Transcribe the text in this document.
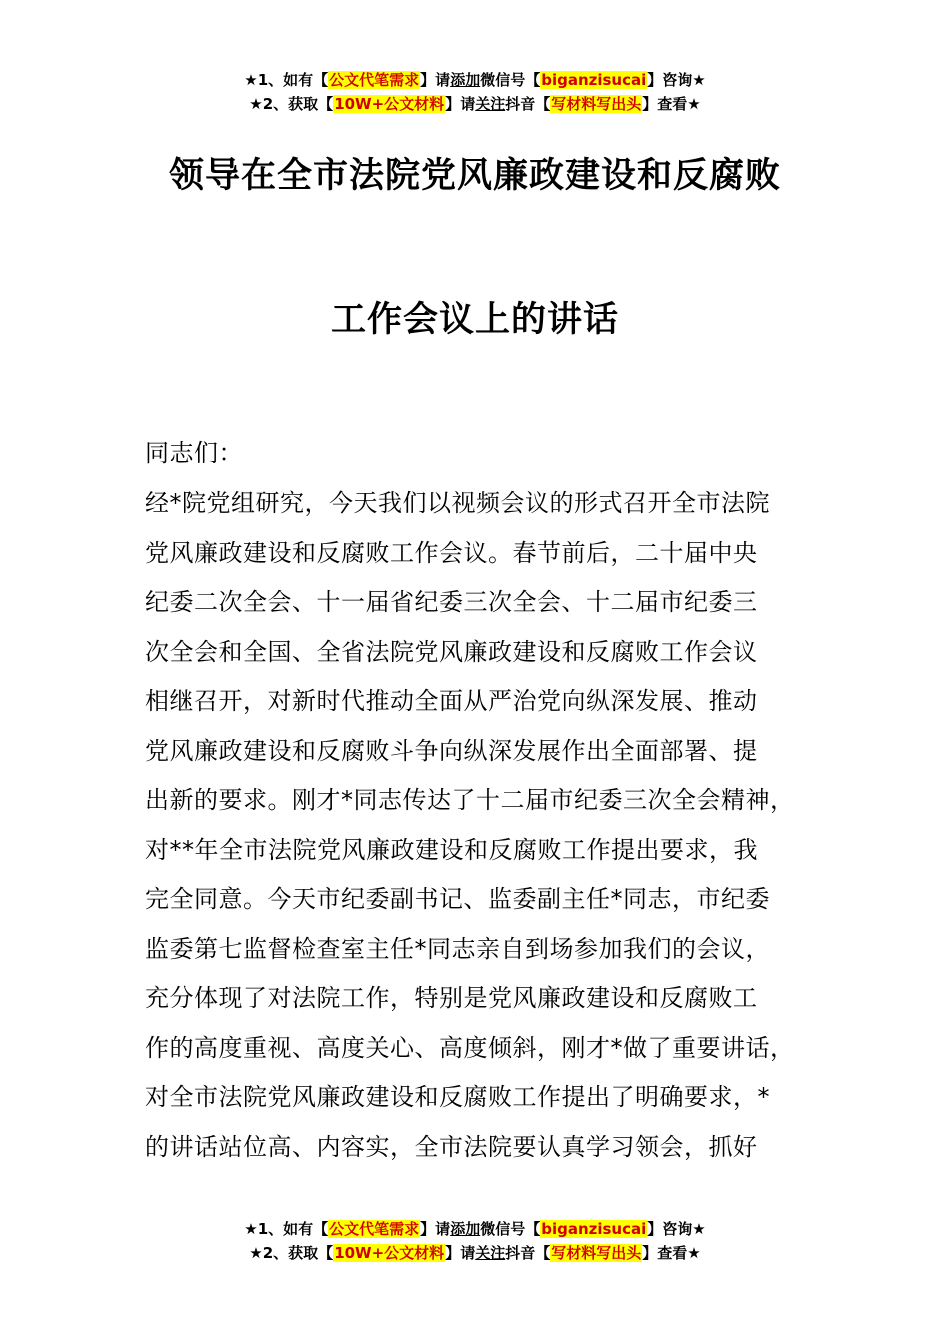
★1、如有【公文代笔需求】请添加微信号【biganzisucai】咨询★
★2、获取【10W+公文材料】请关注抖音【写材料写出头】查看★
领导在全市法院党风廉政建设和反腐败
工作会议上的讲话
同志们：
经*院党组研究，今天我们以视频会议的形式召开全市法院
党风廉政建设和反腐败工作会议。春节前后，二十届中央
纪委二次全会、十一届省纪委三次全会、十二届市纪委三
次全会和全国、全省法院党风廉政建设和反腐败工作会议
相继召开，对新时代推动全面从严治党向纵深发展、推动
党风廉政建设和反腐败斗争向纵深发展作出全面部署、提
出新的要求。刚才*同志传达了十二届市纪委三次全会精神，
对**年全市法院党风廉政建设和反腐败工作提出要求，我
完全同意。今天市纪委副书记、监委副主任*同志，市纪委
监委第七监督检查室主任*同志亲自到场参加我们的会议，
充分体现了对法院工作，特别是党风廉政建设和反腐败工
作的高度重视、高度关心、高度倾斜，刚才*做了重要讲话，
对全市法院党风廉政建设和反腐败工作提出了明确要求，*
的讲话站位高、内容实，全市法院要认真学习领会，抓好
★1、如有【公文代笔需求】请添加微信号【biganzisucai】咨询★
★2、获取【10W+公文材料】请关注抖音【写材料写出头】查看★
